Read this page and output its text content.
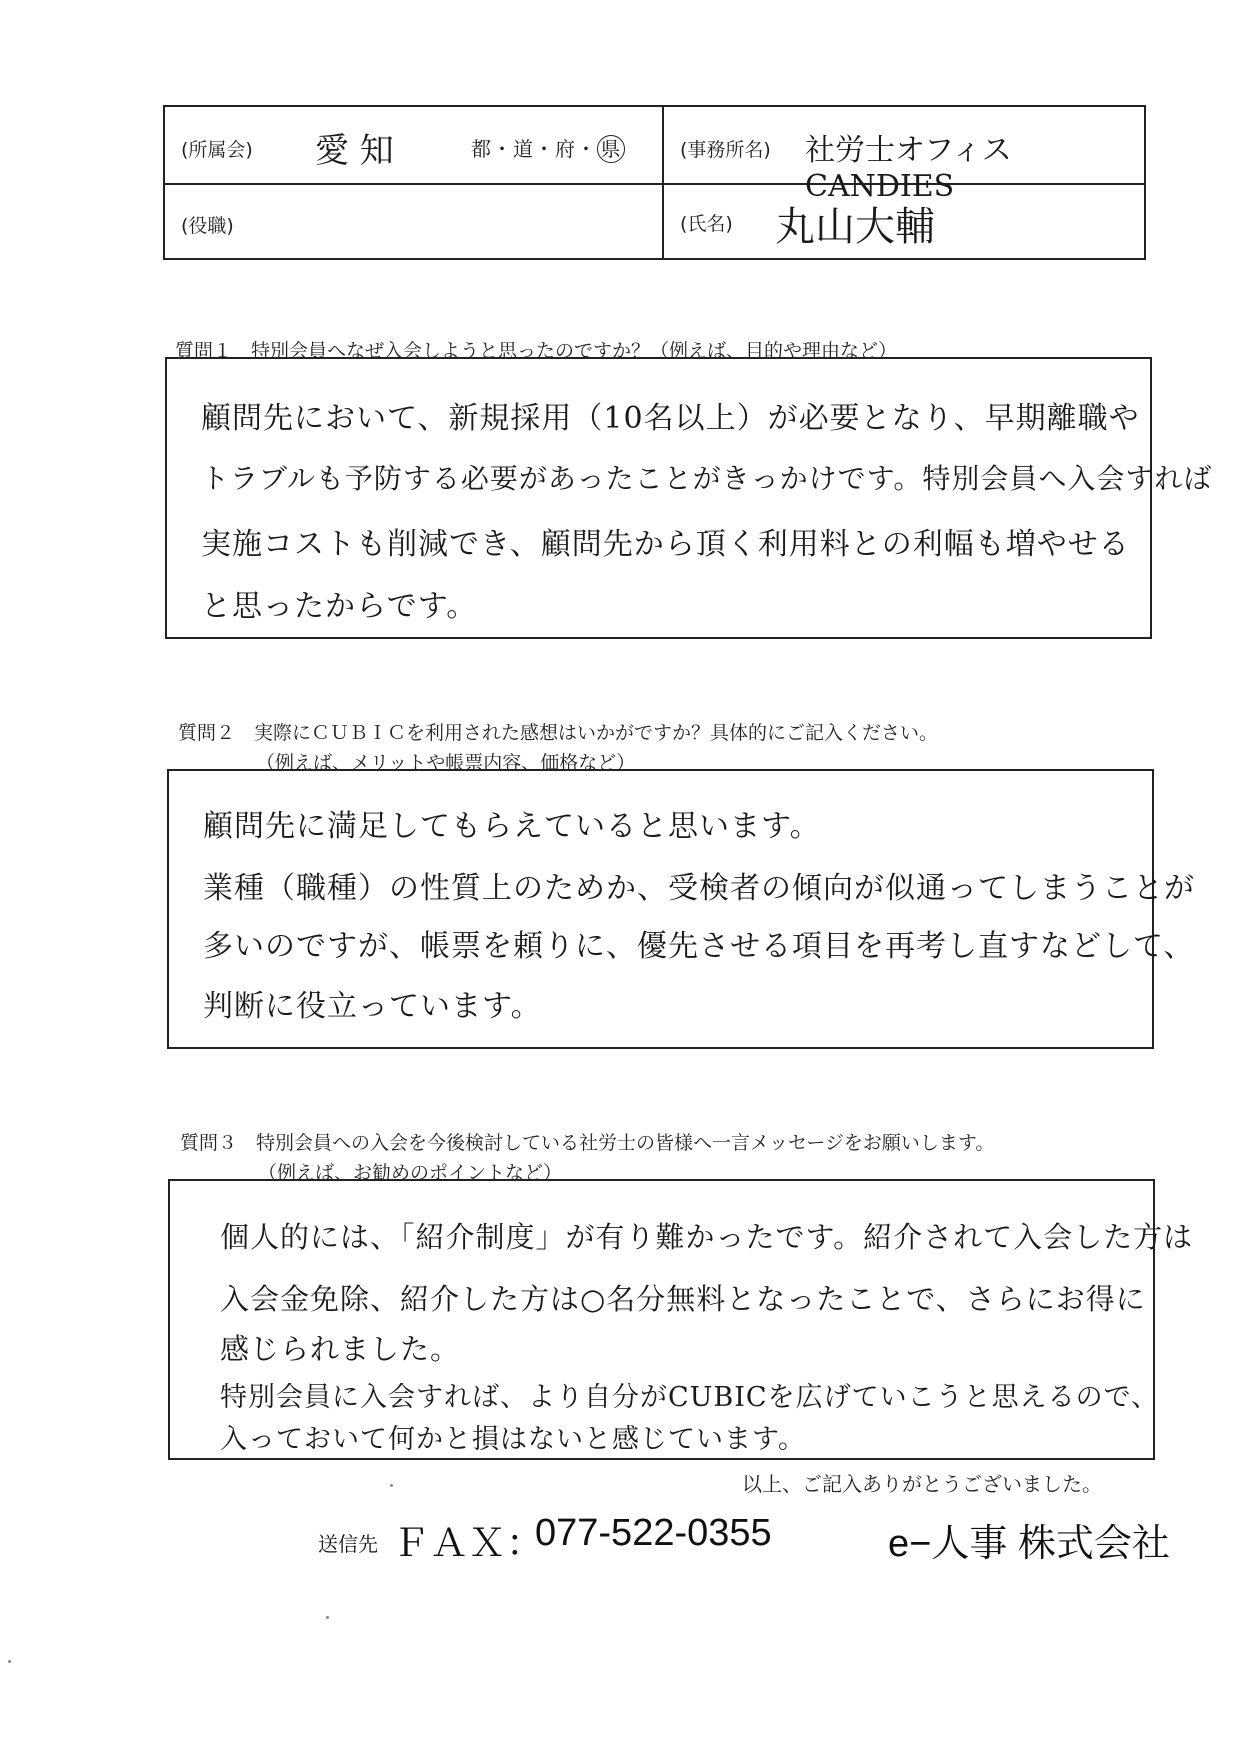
(所属会) 愛 知	都・道・府・ 県	(事務所名) 社労士オフィスCANDIES
(役職)	(氏名) 丸山大輔
質問１　特別会員へなぜ入会しようと思ったのですか？（例えば、目的や理由など）
顧問先において、新規採用（10名以上）が必要となり、早期離職や
トラブルも予防する必要があったことがきっかけです。特別会員へ入会すれば
実施コストも削減でき、顧問先から頂く利用料との利幅も増やせる
と思ったからです。
質問２　実際にＣＵＢＩＣを利用された感想はいかがですか？具体的にご記入ください。
（例えば、メリットや帳票内容、価格など）
顧問先に満足してもらえていると思います。
業種（職種）の性質上のためか、受検者の傾向が似通ってしまうことが
多いのですが、帳票を頼りに、優先させる項目を再考し直すなどして、
判断に役立っています。
質問３　特別会員への入会を今後検討している社労士の皆様へ一言メッセージをお願いします。
（例えば、お勧めのポイントなど）
個人的には、「紹介制度」が有り難かったです。紹介されて入会した方は
入会金免除、紹介した方は○名分無料となったことで、さらにお得に
感じられました。
特別会員に入会すれば、より自分がCUBICを広げていこうと思えるので、
入っておいて何かと損はないと感じています。
以上、ご記入ありがとうございました。
送信先 ＦＡＸ：
077-522-0355	e−人事 株式会社
